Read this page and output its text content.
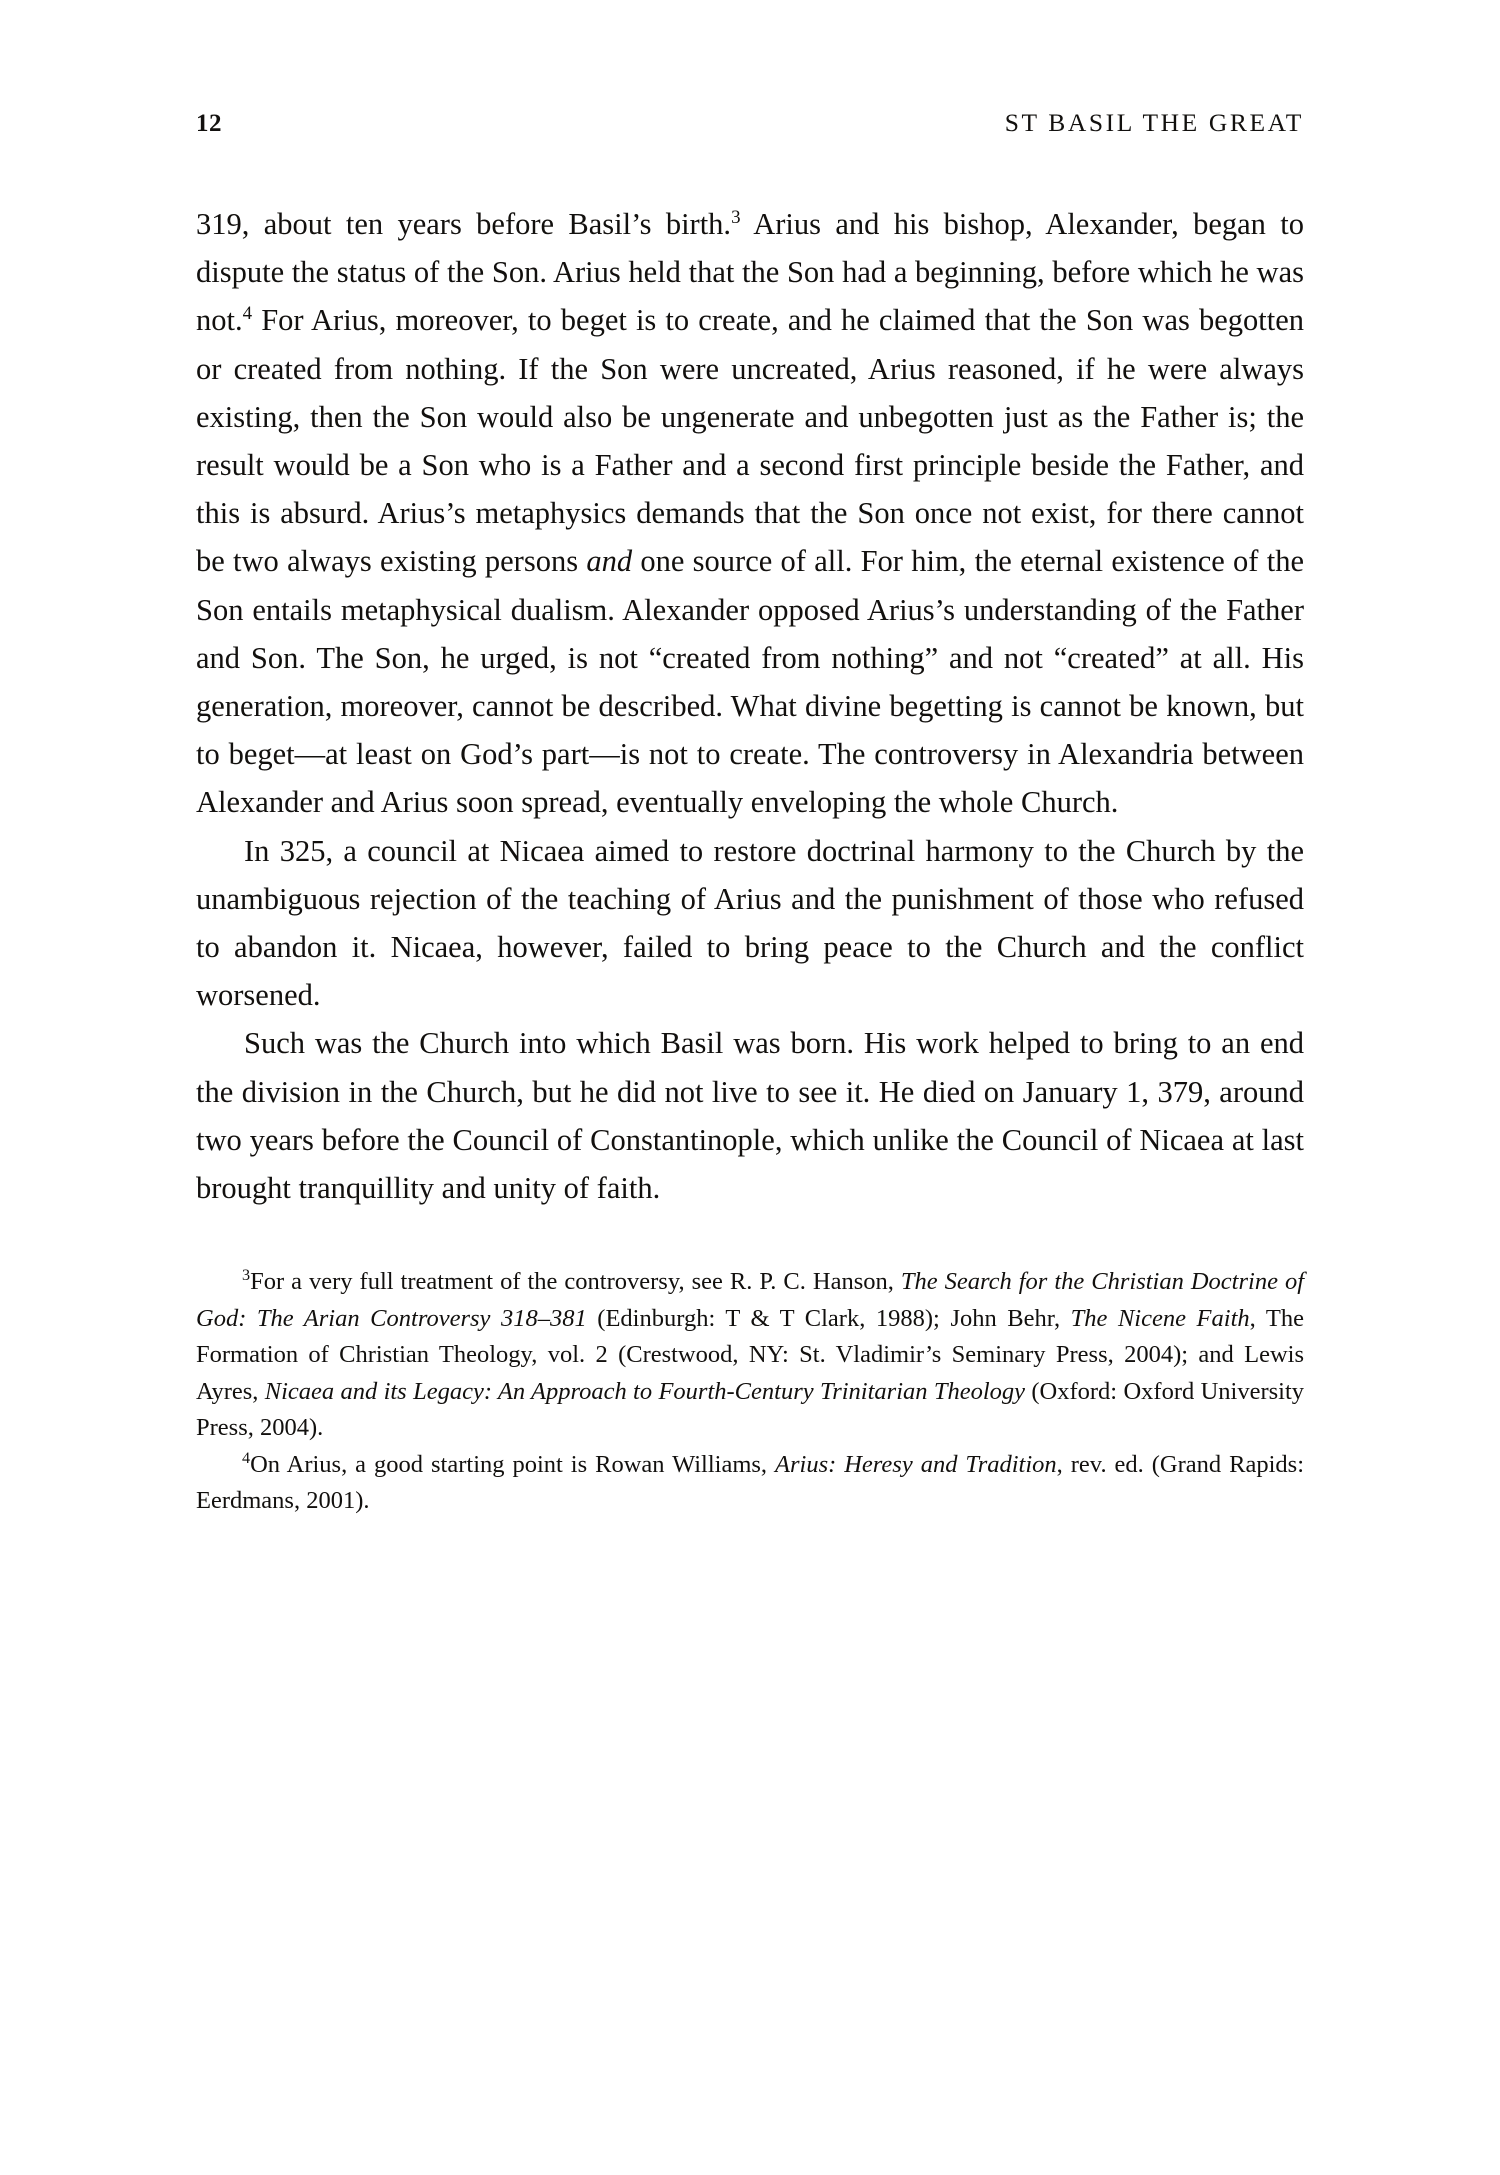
12	ST BASIL THE GREAT

319, about ten years before Basil’s birth.$^3$ Arius and his bishop, Alexander, began to dispute the status of the Son. Arius held that the Son had a beginning, before which he was not.$^4$ For Arius, moreover, to beget is to create, and he claimed that the Son was begotten or created from nothing. If the Son were uncreated, Arius reasoned, if he were always existing, then the Son would also be ungenerate and unbegotten just as the Father is; the result would be a Son who is a Father and a second first principle beside the Father, and this is absurd. Arius’s metaphysics demands that the Son once not exist, for there cannot be two always existing persons and one source of all. For him, the eternal existence of the Son entails metaphysical dualism. Alexander opposed Arius’s understanding of the Father and Son. The Son, he urged, is not “created from nothing” and not “created” at all. His generation, moreover, cannot be described. What divine begetting is cannot be known, but to beget—at least on God’s part—is not to create. The controversy in Alexandria between Alexander and Arius soon spread, eventually enveloping the whole Church.

In 325, a council at Nicaea aimed to restore doctrinal harmony to the Church by the unambiguous rejection of the teaching of Arius and the punishment of those who refused to abandon it. Nicaea, however, failed to bring peace to the Church and the conflict worsened.

Such was the Church into which Basil was born. His work helped to bring to an end the division in the Church, but he did not live to see it. He died on January 1, 379, around two years before the Council of Constantinople, which unlike the Council of Nicaea at last brought tranquillity and unity of faith.

$^3$For a very full treatment of the controversy, see R. P. C. Hanson, The Search for the Christian Doctrine of God: The Arian Controversy 318–381 (Edinburgh: T & T Clark, 1988); John Behr, The Nicene Faith, The Formation of Christian Theology, vol. 2 (Crestwood, NY: St. Vladimir’s Seminary Press, 2004); and Lewis Ayres, Nicaea and its Legacy: An Approach to Fourth-Century Trinitarian Theology (Oxford: Oxford University Press, 2004).

$^4$On Arius, a good starting point is Rowan Williams, Arius: Heresy and Tradition, rev. ed. (Grand Rapids: Eerdmans, 2001).
